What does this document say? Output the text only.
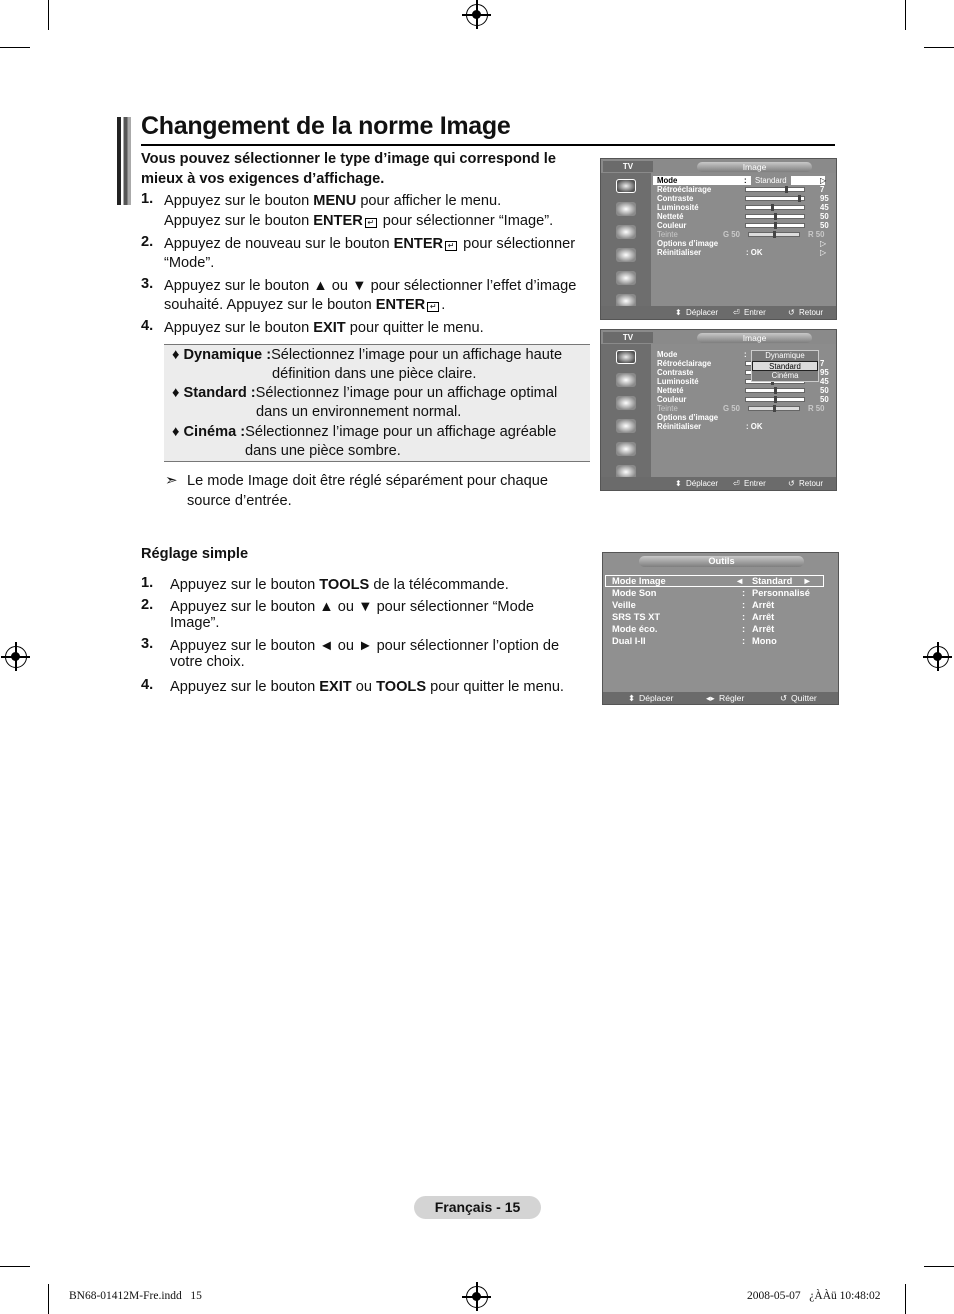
Changement de la norme Image
Vous pouvez sélectionner le type d’image qui correspond le mieux à vos exigences d’affichage.
1. Appuyez sur le bouton MENU pour afficher le menu.
Appuyez sur le bouton ENTER ↵ pour sélectionner “Image”.
2. Appuyez de nouveau sur le bouton ENTER ↵ pour sélectionner
“Mode”.
3. Appuyez sur le bouton ▲ ou ▼ pour sélectionner l’effet d’image
souhaité. Appuyez sur le bouton ENTER ↵ .
4. Appuyez sur le bouton EXIT pour quitter le menu.
♦ Dynamique :Sélectionnez l’image pour un affichage haute
définition dans une pièce claire.
♦ Standard :Sélectionnez l’image pour un affichage optimal
dans un environnement normal.
♦ Cinéma :Sélectionnez l’image pour un affichage agréable
dans une pièce sombre.
➣ Le mode Image doit être réglé séparément pour chaque
source d’entrée.
Réglage simple
1. Appuyez sur le bouton TOOLS de la télécommande.
2. Appuyez sur le bouton ▲ ou ▼ pour sélectionner “Mode
Image”.
3. Appuyez sur le bouton ◄ ou ► pour sélectionner l’option de
votre choix.
4. Appuyez sur le bouton EXIT ou TOOLS pour quitter le menu.
TV	Image
Mode	:	Standard	▷
Rétroéclairage	7
Contraste	95
Luminosité	45
Netteté	50
Couleur	50
Teinte	G 50	R 50
Options d’image	▷
Réinitialiser	: OK	▷
⬍ Déplacer ⏎ Entrer	↺ Retour
TV	Image
Mode	:
Rétroéclairage	7
Contraste	95
Luminosité	45
Netteté	50
Couleur	50
Teinte	G 50	R 50
Options d’image
Réinitialiser	: OK
Dynamique
Standard
Cinéma
⬍ Déplacer ⏎ Entrer	↺ Retour
Outils
Mode Image	◄   Standard    ►
Mode Son	: Personnalisé
Veille	: Arrêt
SRS TS XT	: Arrêt
Mode éco.	: Arrêt
Dual I-II	: Mono
⬍ Déplacer	◂▸ Régler	↺ Quitter
Français - 15
BN68-01412M-Fre.indd   15	2008-05-07   ¿ÀÀü 10:48:02
